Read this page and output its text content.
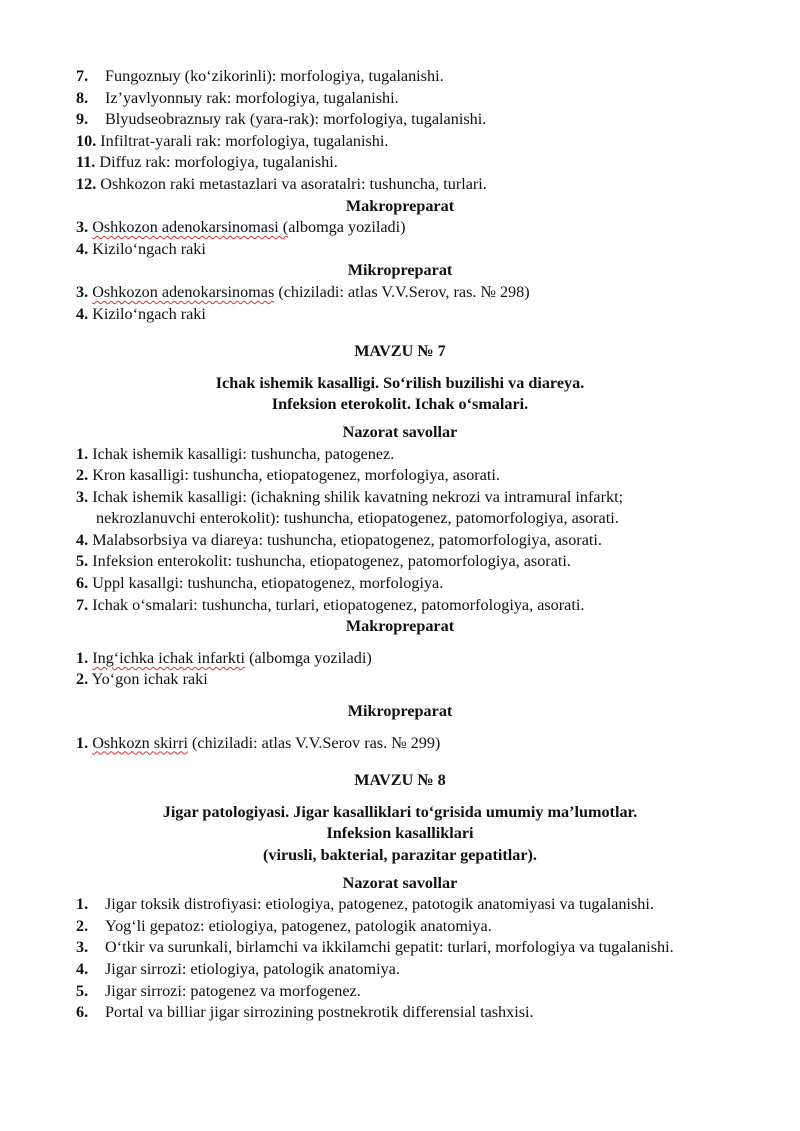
7.	Fungoznыy (ko‘zikorinli): morfologiya, tugalanishi.
8.	Iz’yavlyonnыy rak: morfologiya, tugalanishi.
9.	Blyudseobraznыy rak (yara-rak): morfologiya, tugalanishi.
10. Infiltrat-yarali rak: morfologiya, tugalanishi.
11. Diffuz rak: morfologiya, tugalanishi.
12. Oshkozon raki metastazlari va asoratalri: tushuncha, turlari.
Makropreparat
3. Oshkozon adenokarsinomasi (albomga yoziladi)
4. Kizilo‘ngach raki
Mikropreparat
3. Oshkozon adenokarsinomas (chiziladi: atlas V.V.Serov, ras. № 298)
4. Kizilo‘ngach raki
MAVZU № 7
Ichak ishemik kasalligi. So‘rilish buzilishi va diareya.
Infeksion eterokolit. Ichak o‘smalari.
Nazorat savollar
1. Ichak ishemik kasalligi: tushuncha, patogenez.
2. Kron kasalligi: tushuncha, etiopatogenez, morfologiya, asorati.
3. Ichak ishemik kasalligi: (ichakning shilik kavatning nekrozi va intramural infarkt;
nekrozlanuvchi enterokolit): tushuncha, etiopatogenez, patomorfologiya, asorati.
4. Malabsorbsiya va diareya: tushuncha, etiopatogenez, patomorfologiya, asorati.
5. Infeksion enterokolit: tushuncha, etiopatogenez, patomorfologiya, asorati.
6. Uppl kasallgi: tushuncha, etiopatogenez, morfologiya.
7. Ichak o‘smalari: tushuncha, turlari, etiopatogenez, patomorfologiya, asorati.
Makropreparat
1. Ing‘ichka ichak infarkti (albomga yoziladi)
2. Yo‘gon ichak raki
Mikropreparat
1. Oshkozn skirri (chiziladi: atlas V.V.Serov ras. № 299)
MAVZU № 8
Jigar patologiyasi. Jigar kasalliklari to‘grisida umumiy ma’lumotlar.
Infeksion kasalliklari
(virusli, bakterial, parazitar gepatitlar).
Nazorat savollar
1.	Jigar toksik distrofiyasi: etiologiya, patogenez, patotogik anatomiyasi va tugalanishi.
2.	Yog‘li gepatoz: etiologiya, patogenez, patologik anatomiya.
3.	O‘tkir va surunkali, birlamchi va ikkilamchi gepatit: turlari, morfologiya va tugalanishi.
4.	Jigar sirrozi: etiologiya, patologik anatomiya.
5.	Jigar sirrozi: patogenez va morfogenez.
6.	Portal va billiar jigar sirrozining postnekrotik differensial tashxisi.
